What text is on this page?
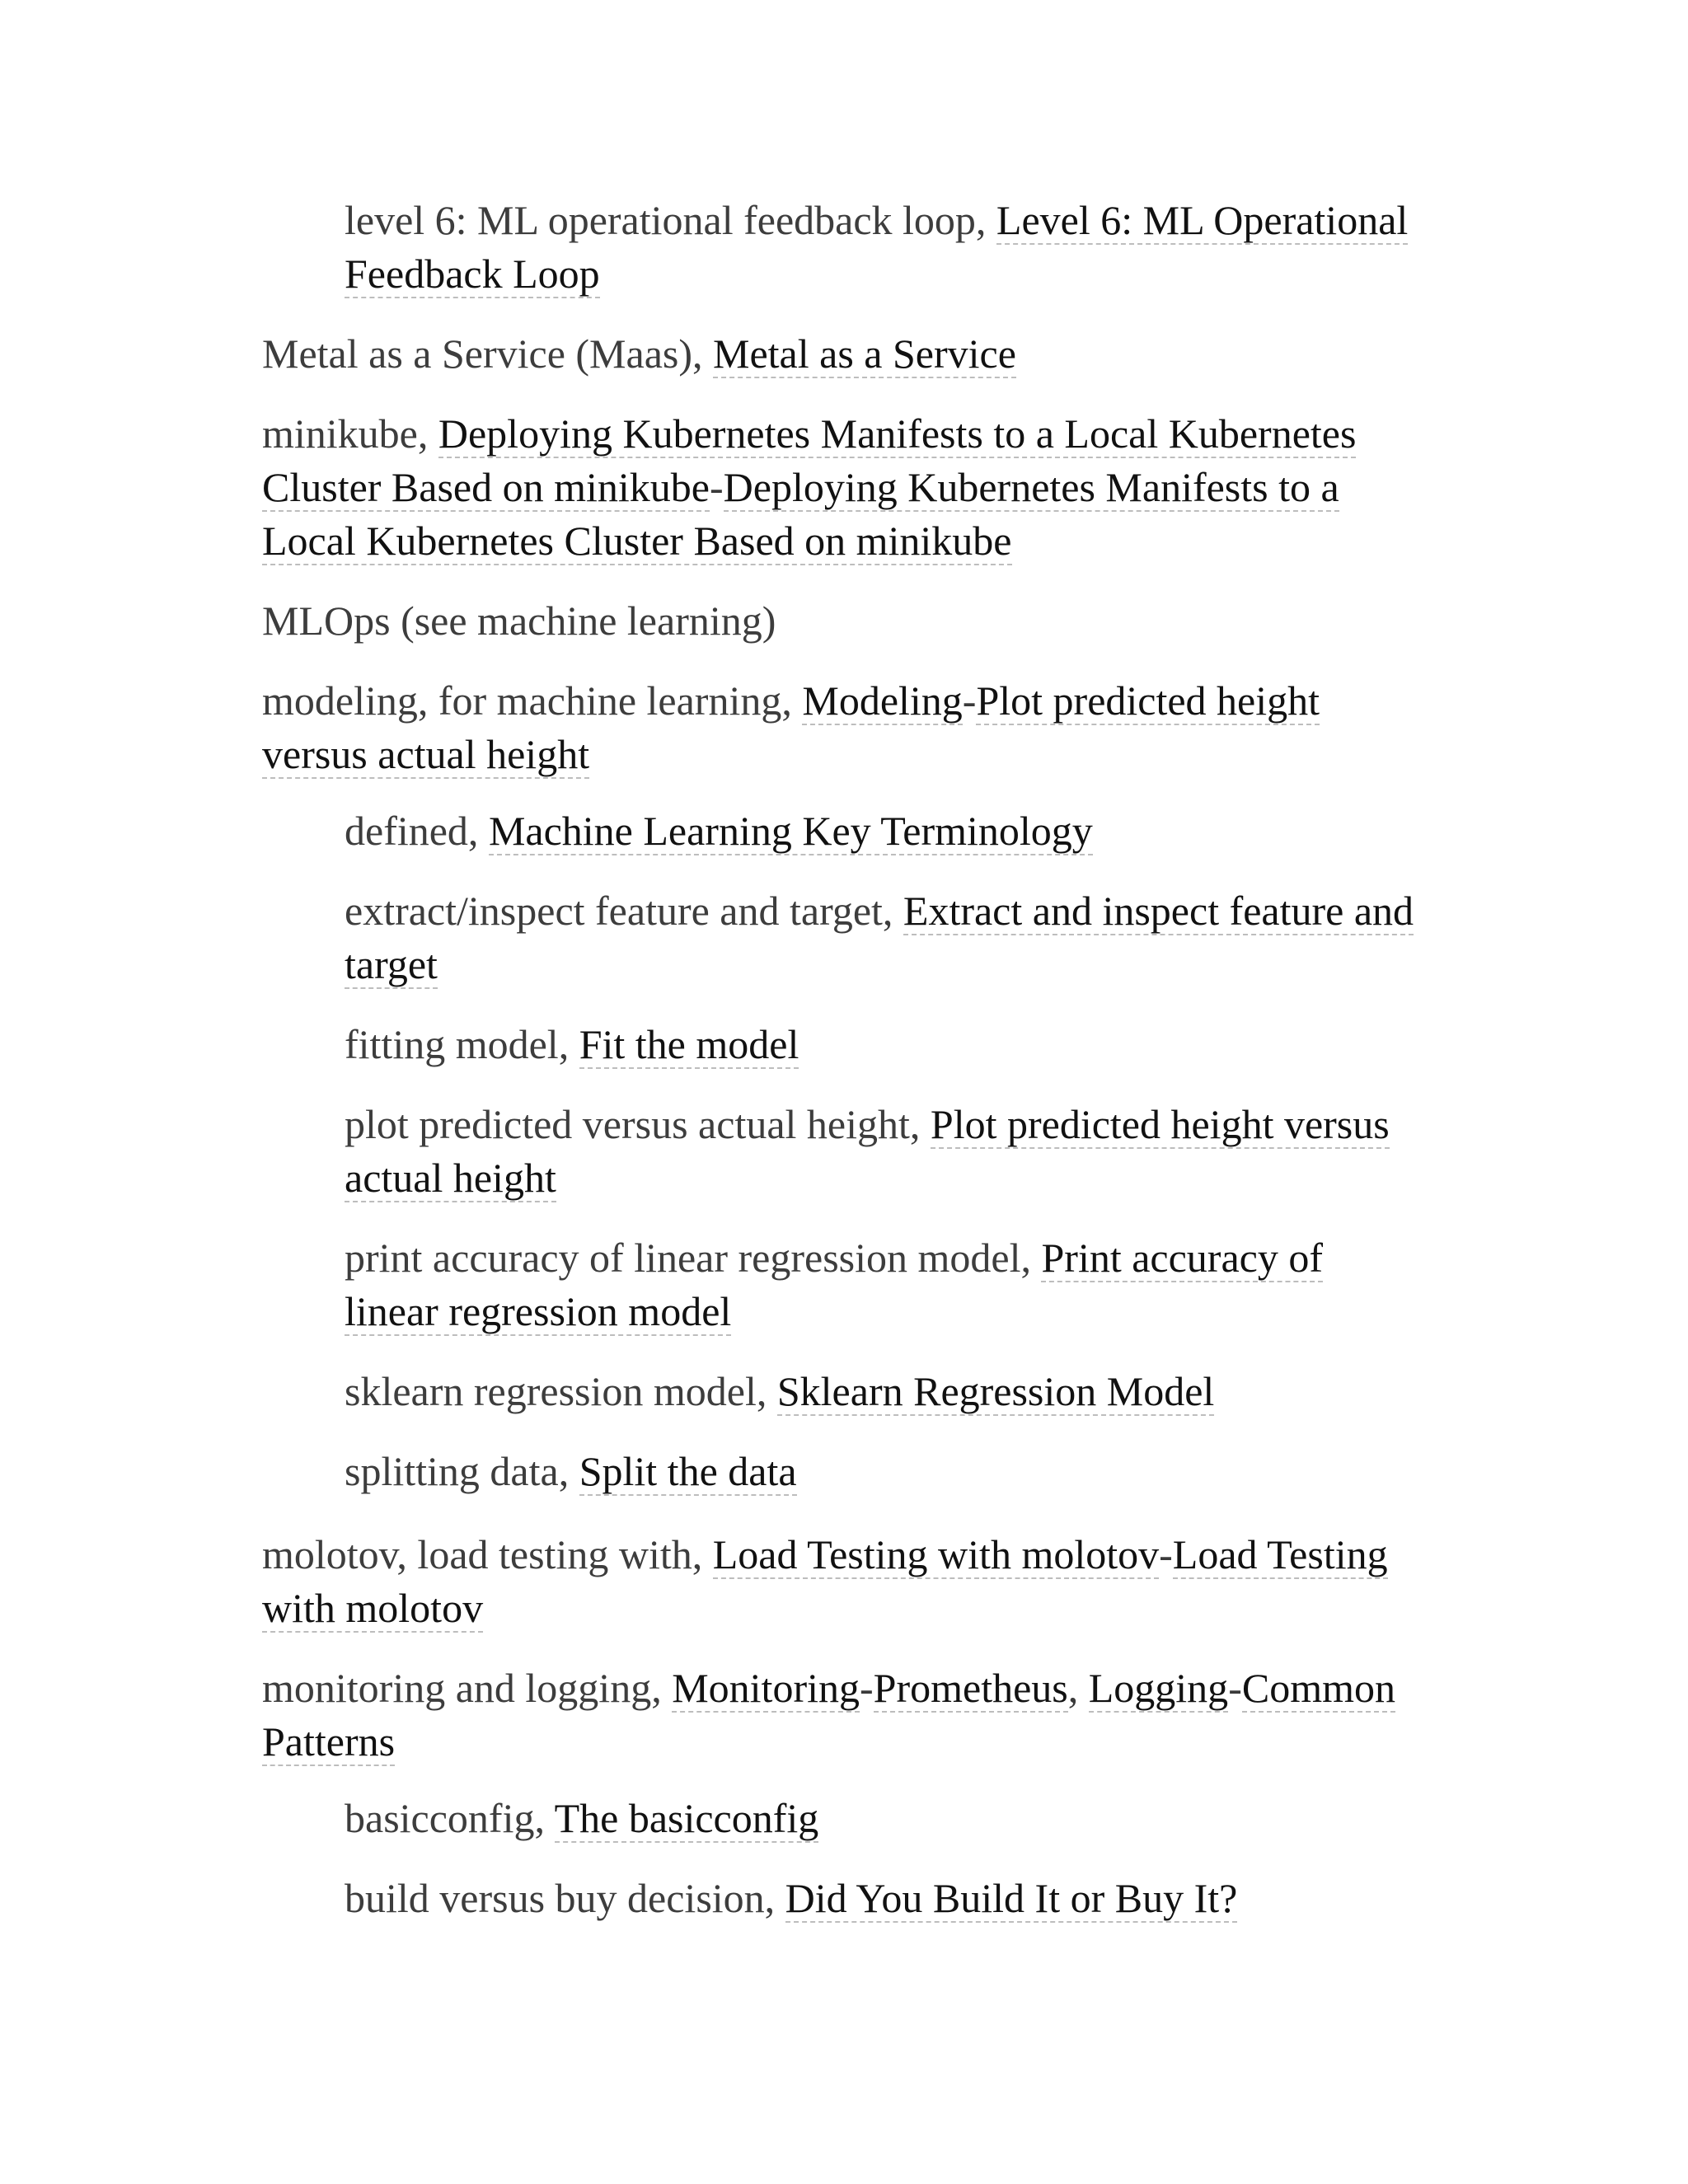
level 6: ML operational feedback loop, Level 6: ML Operational Feedback Loop
Metal as a Service (Maas), Metal as a Service
minikube, Deploying Kubernetes Manifests to a Local Kubernetes Cluster Based on minikube-Deploying Kubernetes Manifests to a Local Kubernetes Cluster Based on minikube
MLOps (see machine learning)
modeling, for machine learning, Modeling-Plot predicted height versus actual height
defined, Machine Learning Key Terminology
extract/inspect feature and target, Extract and inspect feature and target
fitting model, Fit the model
plot predicted versus actual height, Plot predicted height versus actual height
print accuracy of linear regression model, Print accuracy of linear regression model
sklearn regression model, Sklearn Regression Model
splitting data, Split the data
molotov, load testing with, Load Testing with molotov-Load Testing with molotov
monitoring and logging, Monitoring-Prometheus, Logging-Common Patterns
basicconfig, The basicconfig
build versus buy decision, Did You Build It or Buy It?
